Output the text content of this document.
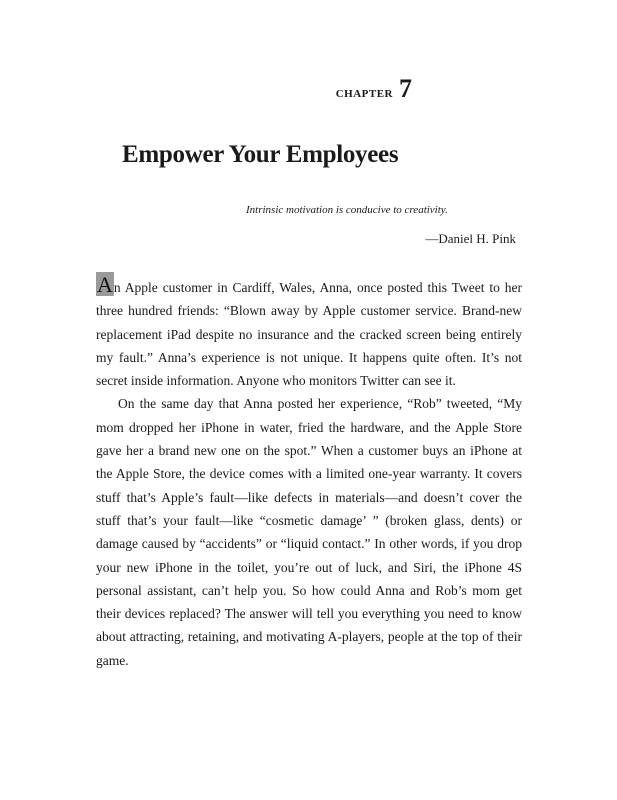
CHAPTER 7
Empower Your Employees
Intrinsic motivation is conducive to creativity.
—Daniel H. Pink

An Apple customer in Cardiff, Wales, Anna, once posted this Tweet to her three hundred friends: “Blown away by Apple customer service. Brand-new replacement iPad despite no insurance and the cracked screen being entirely my fault.” Anna’s experience is not unique. It happens quite often. It’s not secret inside information. Anyone who monitors Twitter can see it.

On the same day that Anna posted her experience, “Rob” tweeted, “My mom dropped her iPhone in water, fried the hardware, and the Apple Store gave her a brand new one on the spot.” When a customer buys an iPhone at the Apple Store, the device comes with a limited one-year warranty. It covers stuff that’s Apple’s fault—like defects in materials—and doesn’t cover the stuff that’s your fault—like “cosmetic damage’ ” (broken glass, dents) or damage caused by “accidents” or “liquid contact.” In other words, if you drop your new iPhone in the toilet, you’re out of luck, and Siri, the iPhone 4S personal assistant, can’t help you. So how could Anna and Rob’s mom get their devices replaced? The answer will tell you everything you need to know about attracting, retaining, and motivating A-players, people at the top of their game.
